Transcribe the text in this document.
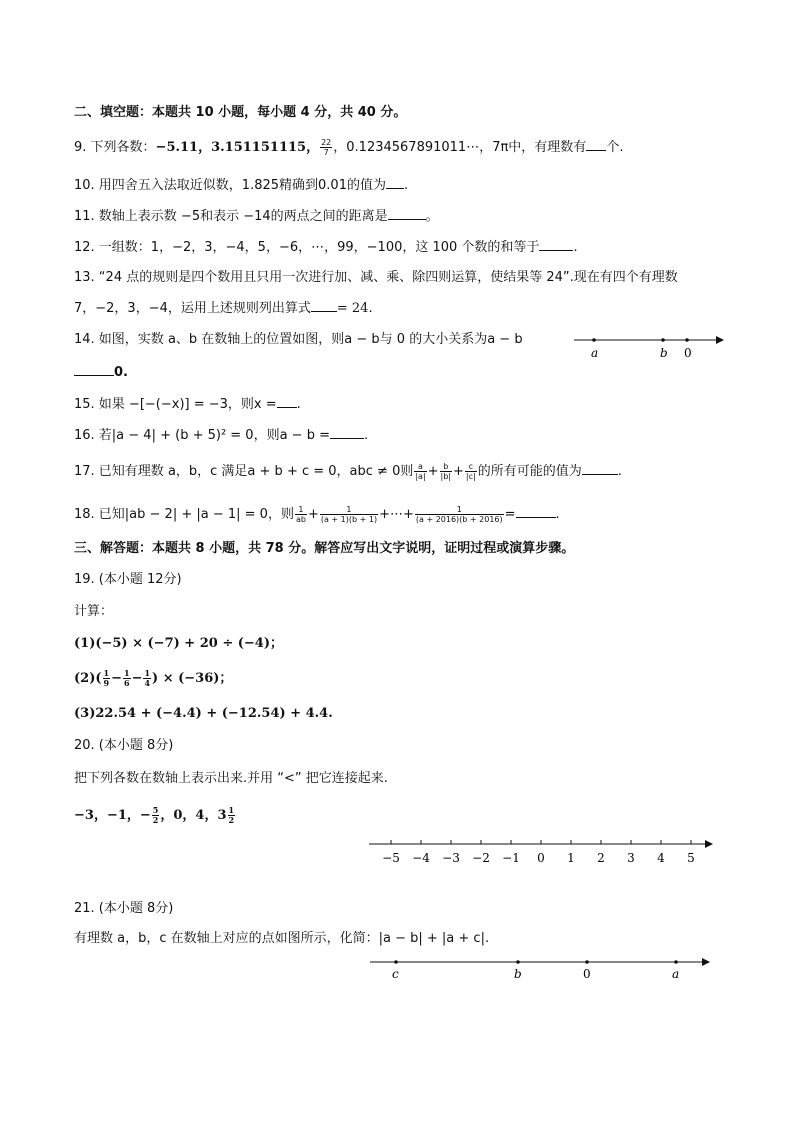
二、填空题：本题共 10 小题，每小题 4 分，共 40 分。
9. 下列各数：−5.11，3.151151115， $\frac{22}{7}$ ，0.1234567891011⋯，7π中，有理数有 个.
10. 用四舍五入法取近似数，1.825精确到0.01的值为 .
11. 数轴上表示数 −5和表示 −14的两点之间的距离是	。
12. 一组数：1，−2，3，−4，5，−6，⋯，99，−100，这 100 个数的和等于	.
13. “24 点的规则是四个数用且只用一次进行加、减、乘、除四则运算，使结果等 24”.现在有四个有理数
7，−2，3，−4，运用上述规则列出算式 = 24.
14. 如图，实数 a、b 在数轴上的位置如图，则a − b与 0 的大小关系为a − b
0.
a	b 0
15. 如果 −[−(−x)] = −3，则x = .
16. 若|a − 4| + (b + 5)² = 0，则a − b =	.
17. 已知有理数 a，b，c 满足a + b + c = 0，abc ≠ 0则 $\frac{a}{|a|} + \frac{b}{|b|} + \frac{c}{|c|}$ 的所有可能的值为	.
18. 已知|ab − 2| + |a − 1| = 0，则 $\frac{1}{ab} + \frac{1}{(a + 1)(b + 1)}$ +⋯+ $\frac{1}{(a + 2016)(b + 2016)}$ =	.
三、解答题：本题共 8 小题，共 78 分。解答应写出文字说明，证明过程或演算步骤。
19. (本小题 12分)
计算：
(1)(−5) × (−7) + 20 ÷ (−4)；
$(2)( \frac{1}{9} - \frac{1}{6} - \frac{1}{4}$ ) × (−36)；
(3)22.54 + (−4.4) + (−12.54) + 4.4.
20. (本小题 8分)
把下列各数在数轴上表示出来.并用 “<” 把它连接起来.
−3，−1，− $\frac{5}{2}$ ，0，4，$3 \frac{1}{2}$
−5 −4 −3 −2 −1 0 1 2 3 4 5
21. (本小题 8分)
有理数 a，b，c 在数轴上对应的点如图所示，化简：|a − b| + |a + c|.
c	b	0	a
